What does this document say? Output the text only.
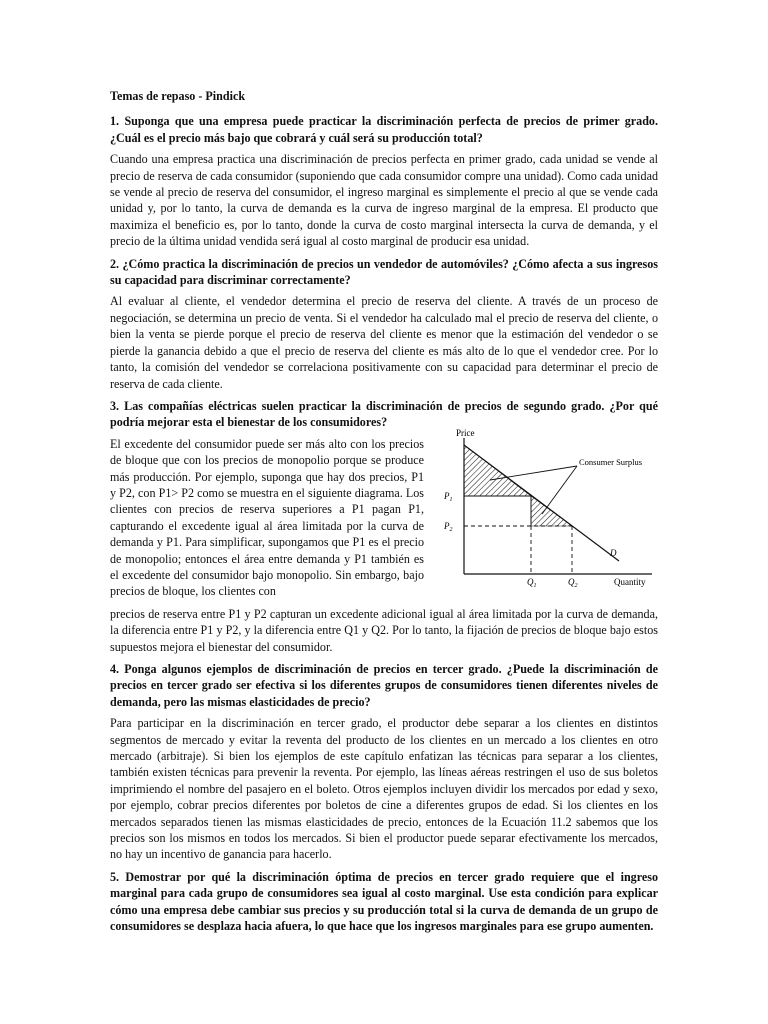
Temas de repaso - Pindick

1. Suponga que una empresa puede practicar la discriminación perfecta de precios de primer grado. ¿Cuál es el precio más bajo que cobrará y cuál será su producción total?

Cuando una empresa practica una discriminación de precios perfecta en primer grado, cada unidad se vende al precio de reserva de cada consumidor (suponiendo que cada consumidor compre una unidad). Como cada unidad se vende al precio de reserva del consumidor, el ingreso marginal es simplemente el precio al que se vende cada unidad y, por lo tanto, la curva de demanda es la curva de ingreso marginal de la empresa. El producto que maximiza el beneficio es, por lo tanto, donde la curva de costo marginal intersecta la curva de demanda, y el precio de la última unidad vendida será igual al costo marginal de producir esa unidad.

2. ¿Cómo practica la discriminación de precios un vendedor de automóviles? ¿Cómo afecta a sus ingresos su capacidad para discriminar correctamente?

Al evaluar al cliente, el vendedor determina el precio de reserva del cliente. A través de un proceso de negociación, se determina un precio de venta. Si el vendedor ha calculado mal el precio de reserva del cliente, o bien la venta se pierde porque el precio de reserva del cliente es menor que la estimación del vendedor o se pierde la ganancia debido a que el precio de reserva del cliente es más alto de lo que el vendedor cree. Por lo tanto, la comisión del vendedor se correlaciona positivamente con su capacidad para determinar el precio de reserva de cada cliente.

3. Las compañías eléctricas suelen practicar la discriminación de precios de segundo grado. ¿Por qué podría mejorar esta el bienestar de los consumidores?

Price
Quantity
Consumer Surplus
$P_1$
$P_2$
$Q_1$	$Q_2$
D

El excedente del consumidor puede ser más alto con los precios de bloque que con los precios de monopolio porque se produce más producción. Por ejemplo, suponga que hay dos precios, P1 y P2, con P1> P2 como se muestra en el siguiente diagrama. Los clientes con precios de reserva superiores a P1 pagan P1, capturando el excedente igual al área limitada por la curva de demanda y P1. Para simplificar, supongamos que P1 es el precio de monopolio; entonces el área entre demanda y P1 también es el excedente del consumidor bajo monopolio. Sin embargo, bajo precios de bloque, los clientes con

precios de reserva entre P1 y P2 capturan un excedente adicional igual al área limitada por la curva de demanda, la diferencia entre P1 y P2, y la diferencia entre Q1 y Q2. Por lo tanto, la fijación de precios de bloque bajo estos supuestos mejora el bienestar del consumidor.

4. Ponga algunos ejemplos de discriminación de precios en tercer grado. ¿Puede la discriminación de precios en tercer grado ser efectiva si los diferentes grupos de consumidores tienen diferentes niveles de demanda, pero las mismas elasticidades de precio?

Para participar en la discriminación en tercer grado, el productor debe separar a los clientes en distintos segmentos de mercado y evitar la reventa del producto de los clientes en un mercado a los clientes en otro mercado (arbitraje). Si bien los ejemplos de este capítulo enfatizan las técnicas para separar a los clientes, también existen técnicas para prevenir la reventa. Por ejemplo, las líneas aéreas restringen el uso de sus boletos imprimiendo el nombre del pasajero en el boleto. Otros ejemplos incluyen dividir los mercados por edad y sexo, por ejemplo, cobrar precios diferentes por boletos de cine a diferentes grupos de edad. Si los clientes en los mercados separados tienen las mismas elasticidades de precio, entonces de la Ecuación 11.2 sabemos que los precios son los mismos en todos los mercados. Si bien el productor puede separar efectivamente los mercados, no hay un incentivo de ganancia para hacerlo.

5. Demostrar por qué la discriminación óptima de precios en tercer grado requiere que el ingreso marginal para cada grupo de consumidores sea igual al costo marginal. Use esta condición para explicar cómo una empresa debe cambiar sus precios y su producción total si la curva de demanda de un grupo de consumidores se desplaza hacia afuera, lo que hace que los ingresos marginales para ese grupo aumenten.
